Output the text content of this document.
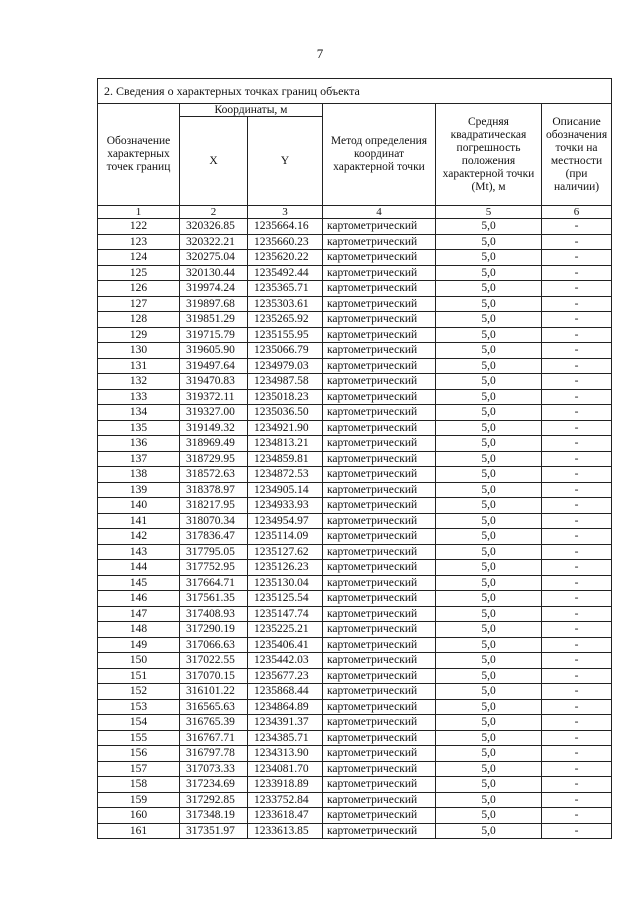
7
2. Сведения о характерных точках границ объекта					
Обозначение характерных точек границ	Координаты, м		Метод определения координат характерной точки	Средняя квадратическая погрешность положения характерной точки (Mt), м	Описание обозначения точки на местности (при наличии)
	X	Y			
1	2	3	4	5	6
122	320326.85	1235664.16	картометрический	5,0	-
123	320322.21	1235660.23	картометрический	5,0	-
124	320275.04	1235620.22	картометрический	5,0	-
125	320130.44	1235492.44	картометрический	5,0	-
126	319974.24	1235365.71	картометрический	5,0	-
127	319897.68	1235303.61	картометрический	5,0	-
128	319851.29	1235265.92	картометрический	5,0	-
129	319715.79	1235155.95	картометрический	5,0	-
130	319605.90	1235066.79	картометрический	5,0	-
131	319497.64	1234979.03	картометрический	5,0	-
132	319470.83	1234987.58	картометрический	5,0	-
133	319372.11	1235018.23	картометрический	5,0	-
134	319327.00	1235036.50	картометрический	5,0	-
135	319149.32	1234921.90	картометрический	5,0	-
136	318969.49	1234813.21	картометрический	5,0	-
137	318729.95	1234859.81	картометрический	5,0	-
138	318572.63	1234872.53	картометрический	5,0	-
139	318378.97	1234905.14	картометрический	5,0	-
140	318217.95	1234933.93	картометрический	5,0	-
141	318070.34	1234954.97	картометрический	5,0	-
142	317836.47	1235114.09	картометрический	5,0	-
143	317795.05	1235127.62	картометрический	5,0	-
144	317752.95	1235126.23	картометрический	5,0	-
145	317664.71	1235130.04	картометрический	5,0	-
146	317561.35	1235125.54	картометрический	5,0	-
147	317408.93	1235147.74	картометрический	5,0	-
148	317290.19	1235225.21	картометрический	5,0	-
149	317066.63	1235406.41	картометрический	5,0	-
150	317022.55	1235442.03	картометрический	5,0	-
151	317070.15	1235677.23	картометрический	5,0	-
152	316101.22	1235868.44	картометрический	5,0	-
153	316565.63	1234864.89	картометрический	5,0	-
154	316765.39	1234391.37	картометрический	5,0	-
155	316767.71	1234385.71	картометрический	5,0	-
156	316797.78	1234313.90	картометрический	5,0	-
157	317073.33	1234081.70	картометрический	5,0	-
158	317234.69	1233918.89	картометрический	5,0	-
159	317292.85	1233752.84	картометрический	5,0	-
160	317348.19	1233618.47	картометрический	5,0	-
161	317351.97	1233613.85	картометрический	5,0	-
